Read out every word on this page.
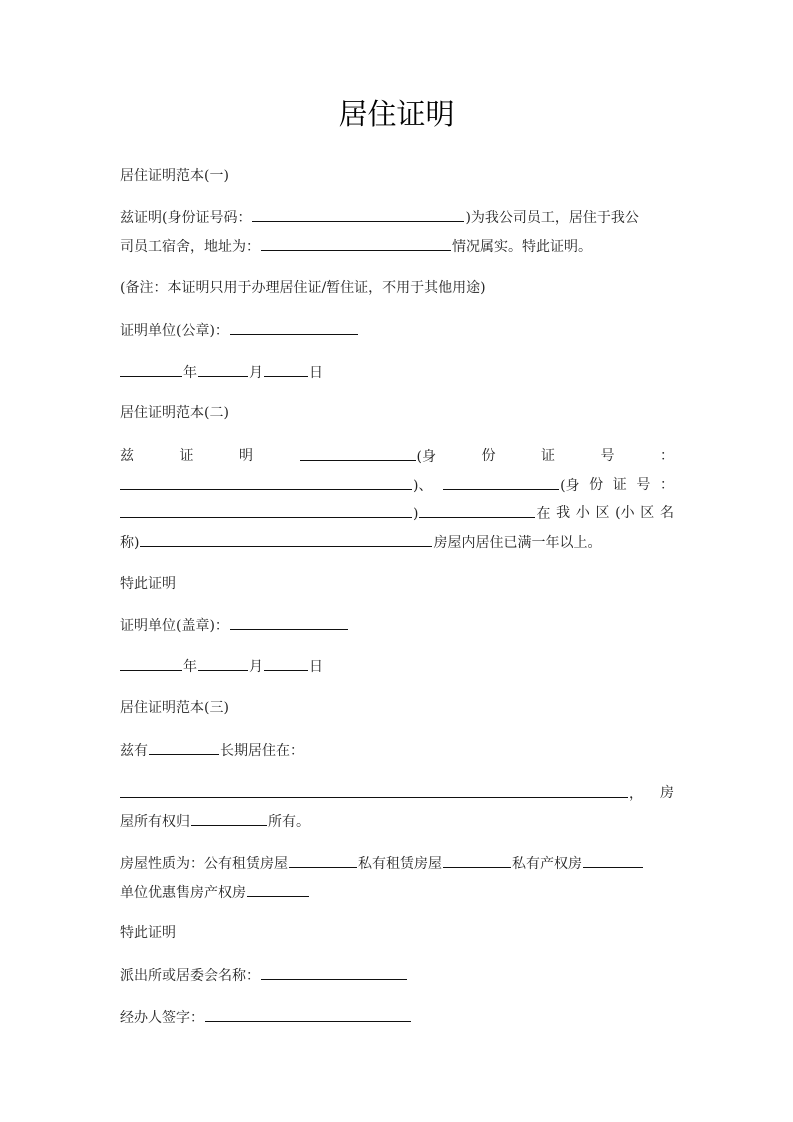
居住证明
居住证明范本(一)
兹证明(身份证号码：	)为我公司员工，居住于我公
司员工宿舍，地址为：	情况属实。特此证明。
(备注：本证明只用于办理居住证/暂住证，不用于其他用途)
证明单位(公章)：
年	月	日
居住证明范本(二)
兹	证	明	(身	份	证	号	：
)、	(身 份 证 号 ：
)	在 我 小 区 (小 区 名
称)	房屋内居住已满一年以上。
特此证明
证明单位(盖章)：
年	月	日
居住证明范本(三)
兹有	长期居住在：
， 房
屋所有权归	所有。
房屋性质为：公有租赁房屋	私有租赁房屋	私有产权房
单位优惠售房产权房
特此证明
派出所或居委会名称：
经办人签字：
